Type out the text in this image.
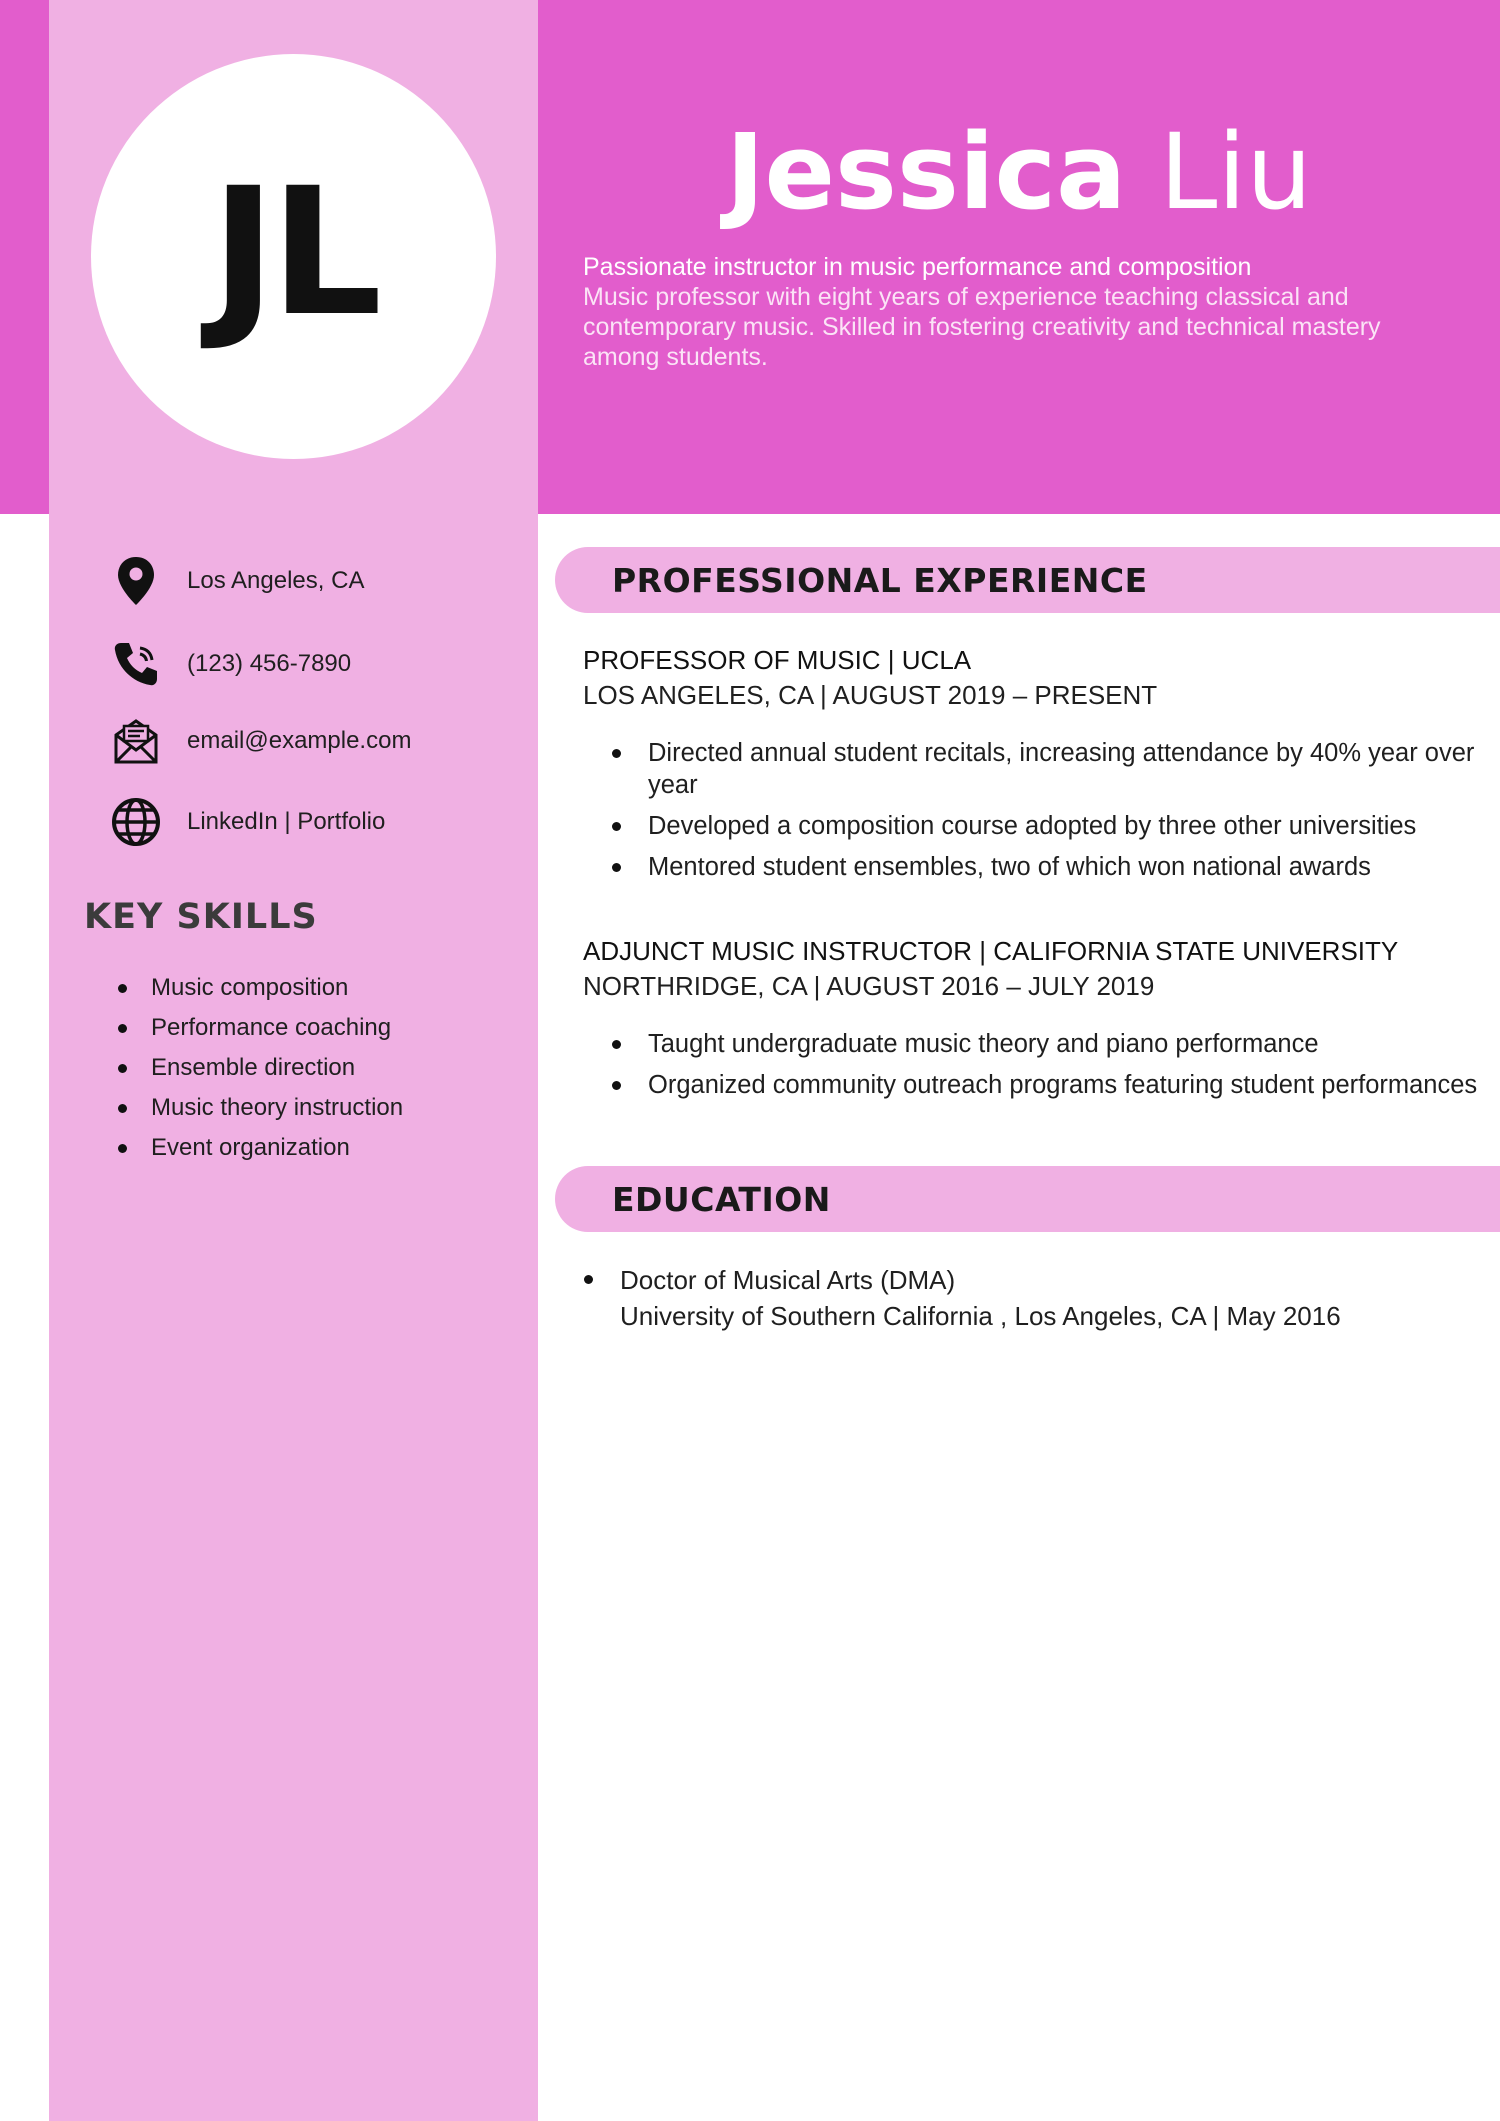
JL	Jessica Liu
Passionate instructor in music performance and composition
Music professor with eight years of experience teaching classical and contemporary music. Skilled in fostering creativity and technical mastery among students.
Los Angeles, CA
(123) 456-7890
email@example.com
LinkedIn | Portfolio
KEY SKILLS
Music composition
Performance coaching
Ensemble direction
Music theory instruction
Event organization
PROFESSIONAL EXPERIENCE
PROFESSOR OF MUSIC | UCLA
LOS ANGELES, CA | AUGUST 2019 – PRESENT
Directed annual student recitals, increasing attendance by 40% year over year
Developed a composition course adopted by three other universities
Mentored student ensembles, two of which won national awards
ADJUNCT MUSIC INSTRUCTOR | CALIFORNIA STATE UNIVERSITY
NORTHRIDGE, CA | AUGUST 2016 – JULY 2019
Taught undergraduate music theory and piano performance
Organized community outreach programs featuring student performances
EDUCATION
Doctor of Musical Arts (DMA)
University of Southern California , Los Angeles, CA | May 2016
